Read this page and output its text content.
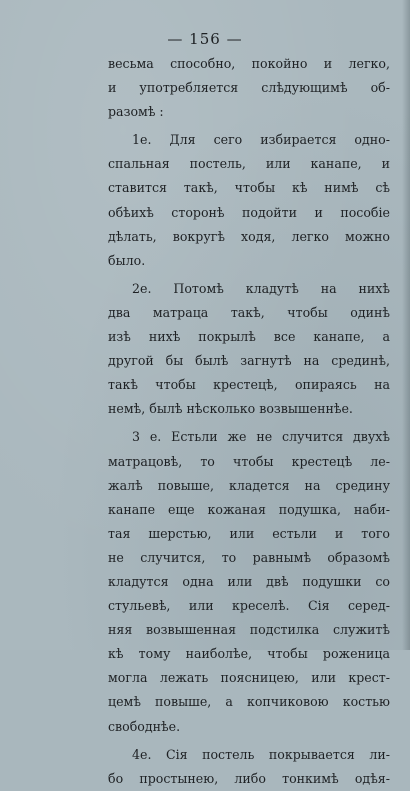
— 156 —
весьма способно, покойно и легко,
и употребляется слѣдующимѣ об-
разомѣ :
1е. Для сего избирается одно-
спальная постель, или канапе, и
ставится такѣ, чтобы кѣ нимѣ сѣ
обѣихѣ сторонѣ подойти и пособіе
дѣлать, вокругѣ ходя, легко можно
было.
2е. Потомѣ кладутѣ на нихѣ
два матраца такѣ, чтобы одинѣ
изѣ нихѣ покрылѣ все канапе, а
другой бы былѣ загнутѣ на срединѣ,
такѣ чтобы крестецѣ, опираясь на
немѣ, былѣ нѣсколько возвышеннѣе.
3 е. Естьли же не случится двухѣ
матрацовѣ, то чтобы крестецѣ ле-
жалѣ повыше, кладется на средину
канапе еще кожаная подушка, наби-
тая шерстью, или естьли и того
не случится, то равнымѣ образомѣ
кладутся одна или двѣ подушки со
стульевѣ, или креселѣ. Сія серед-
няя возвышенная подстилка служитѣ
кѣ тому наиболѣе, чтобы роженица
могла лежать поясницею, или крест-
цемѣ повыше, а копчиковою костью
свободнѣе.
4е. Сія постель покрывается ли-
бо простынею, либо тонкимѣ одѣя-
